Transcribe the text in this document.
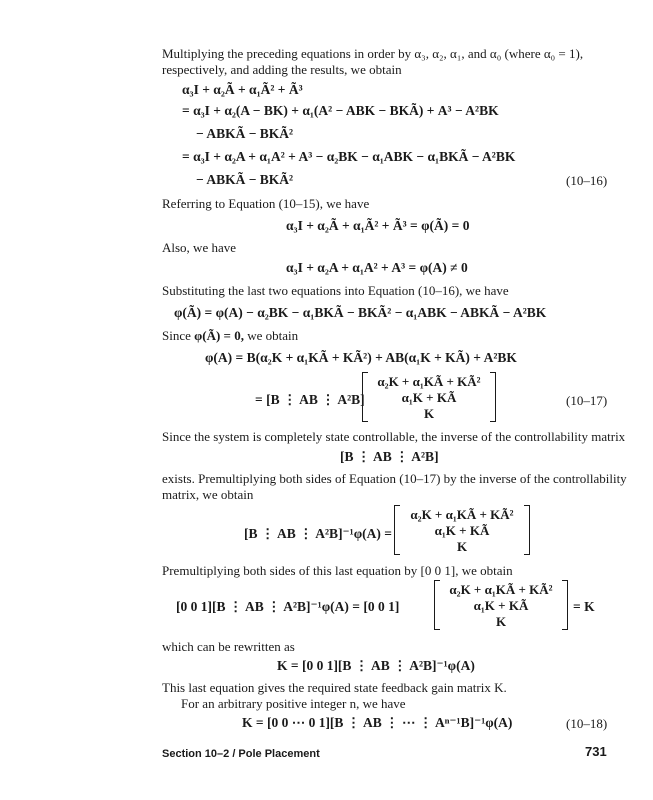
Multiplying the preceding equations in order by α₃, α₂, α₁, and α₀ (where α₀ = 1),
respectively, and adding the results, we obtain
α₃I + α₂Ã + α₁Ã² + Ã³
= α₃I + α₂(A − BK) + α₁(A² − ABK − BKÃ) + A³ − A²BK
− ABKÃ − BKÃ²
= α₃I + α₂A + α₁A² + A³ − α₂BK − α₁ABK − α₁BKÃ − A²BK
− ABKÃ − BKÃ²	(10–16)
Referring to Equation (10–15), we have
α₃I + α₂Ã + α₁Ã² + Ã³ = φ(Ã) = 0
Also, we have
α₃I + α₂A + α₁A² + A³ = φ(A) ≠ 0
Substituting the last two equations into Equation (10–16), we have
φ(Ã) = φ(A) − α₂BK − α₁BKÃ − BKÃ² − α₁ABK − ABKÃ − A²BK
Since φ(Ã) = 0, we obtain
φ(A) = B(α₂K + α₁KÃ + KÃ²) + AB(α₁K + KÃ) + A²BK
= [B ⋮ AB ⋮ A²B]
α₂K + α₁KÃ + KÃ²
α₁K + KÃ
K
(10–17)
Since the system is completely state controllable, the inverse of the controllability matrix
[B ⋮ AB ⋮ A²B]
exists. Premultiplying both sides of Equation (10–17) by the inverse of the controllability
matrix, we obtain
[B ⋮ AB ⋮ A²B]⁻¹φ(A) =
α₂K + α₁KÃ + KÃ²
α₁K + KÃ
K
Premultiplying both sides of this last equation by [0 0 1], we obtain
[0 0 1][B ⋮ AB ⋮ A²B]⁻¹φ(A) = [0 0 1]
α₂K + α₁KÃ + KÃ²
α₁K + KÃ
K
= K
which can be rewritten as
K = [0 0 1][B ⋮ AB ⋮ A²B]⁻¹φ(A)
This last equation gives the required state feedback gain matrix K.
For an arbitrary positive integer n, we have
K = [0 0 ⋯ 0 1][B ⋮ AB ⋮ ⋯ ⋮ Aⁿ⁻¹B]⁻¹φ(A)	(10–18)
Section 10–2 / Pole Placement	731
